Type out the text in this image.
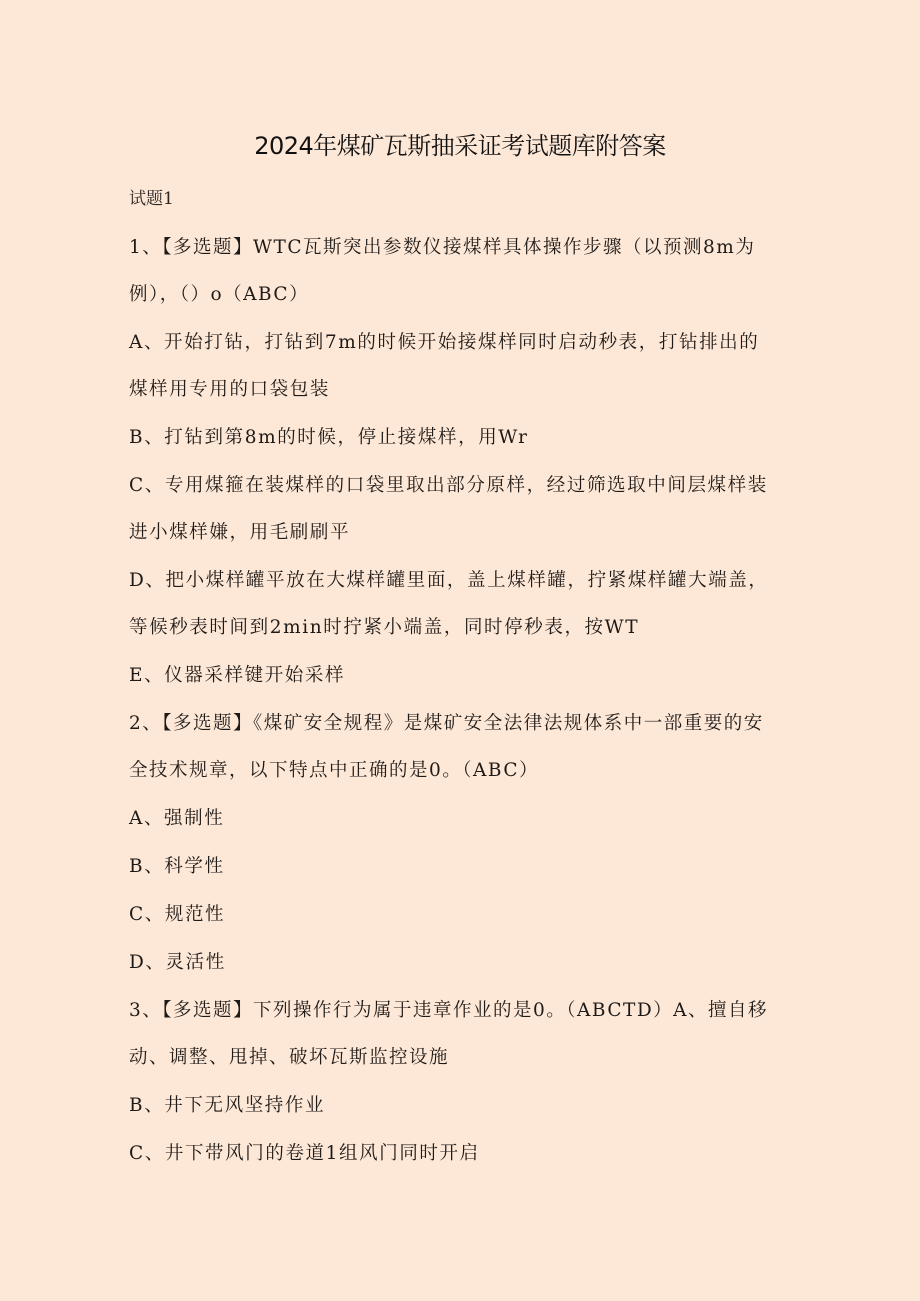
2024年煤矿瓦斯抽采证考试题库附答案

试题1

1、【多选题】WTC瓦斯突出参数仪接煤样具体操作步骤（以预测8m为例），（）o（ABC）

A、开始打钻，打钻到7m的时候开始接煤样同时启动秒表，打钻排出的煤样用专用的口袋包装

B、打钻到第8m的时候，停止接煤样，用Wr

C、专用煤箍在装煤样的口袋里取出部分原样，经过筛选取中间层煤样装进小煤样嫌，用毛刷刷平

D、把小煤样罐平放在大煤样罐里面，盖上煤样罐，拧紧煤样罐大端盖，等候秒表时间到2min时拧紧小端盖，同时停秒表，按WT

E、仪器采样键开始采样

2、【多选题】《煤矿安全规程》是煤矿安全法律法规体系中一部重要的安全技术规章，以下特点中正确的是0。（ABC）

A、强制性

B、科学性

C、规范性

D、灵活性

3、【多选题】下列操作行为属于违章作业的是0。（ABCTD）A、擅自移动、调整、甩掉、破坏瓦斯监控设施

B、井下无风坚持作业

C、井下带风门的卷道1组风门同时开启
